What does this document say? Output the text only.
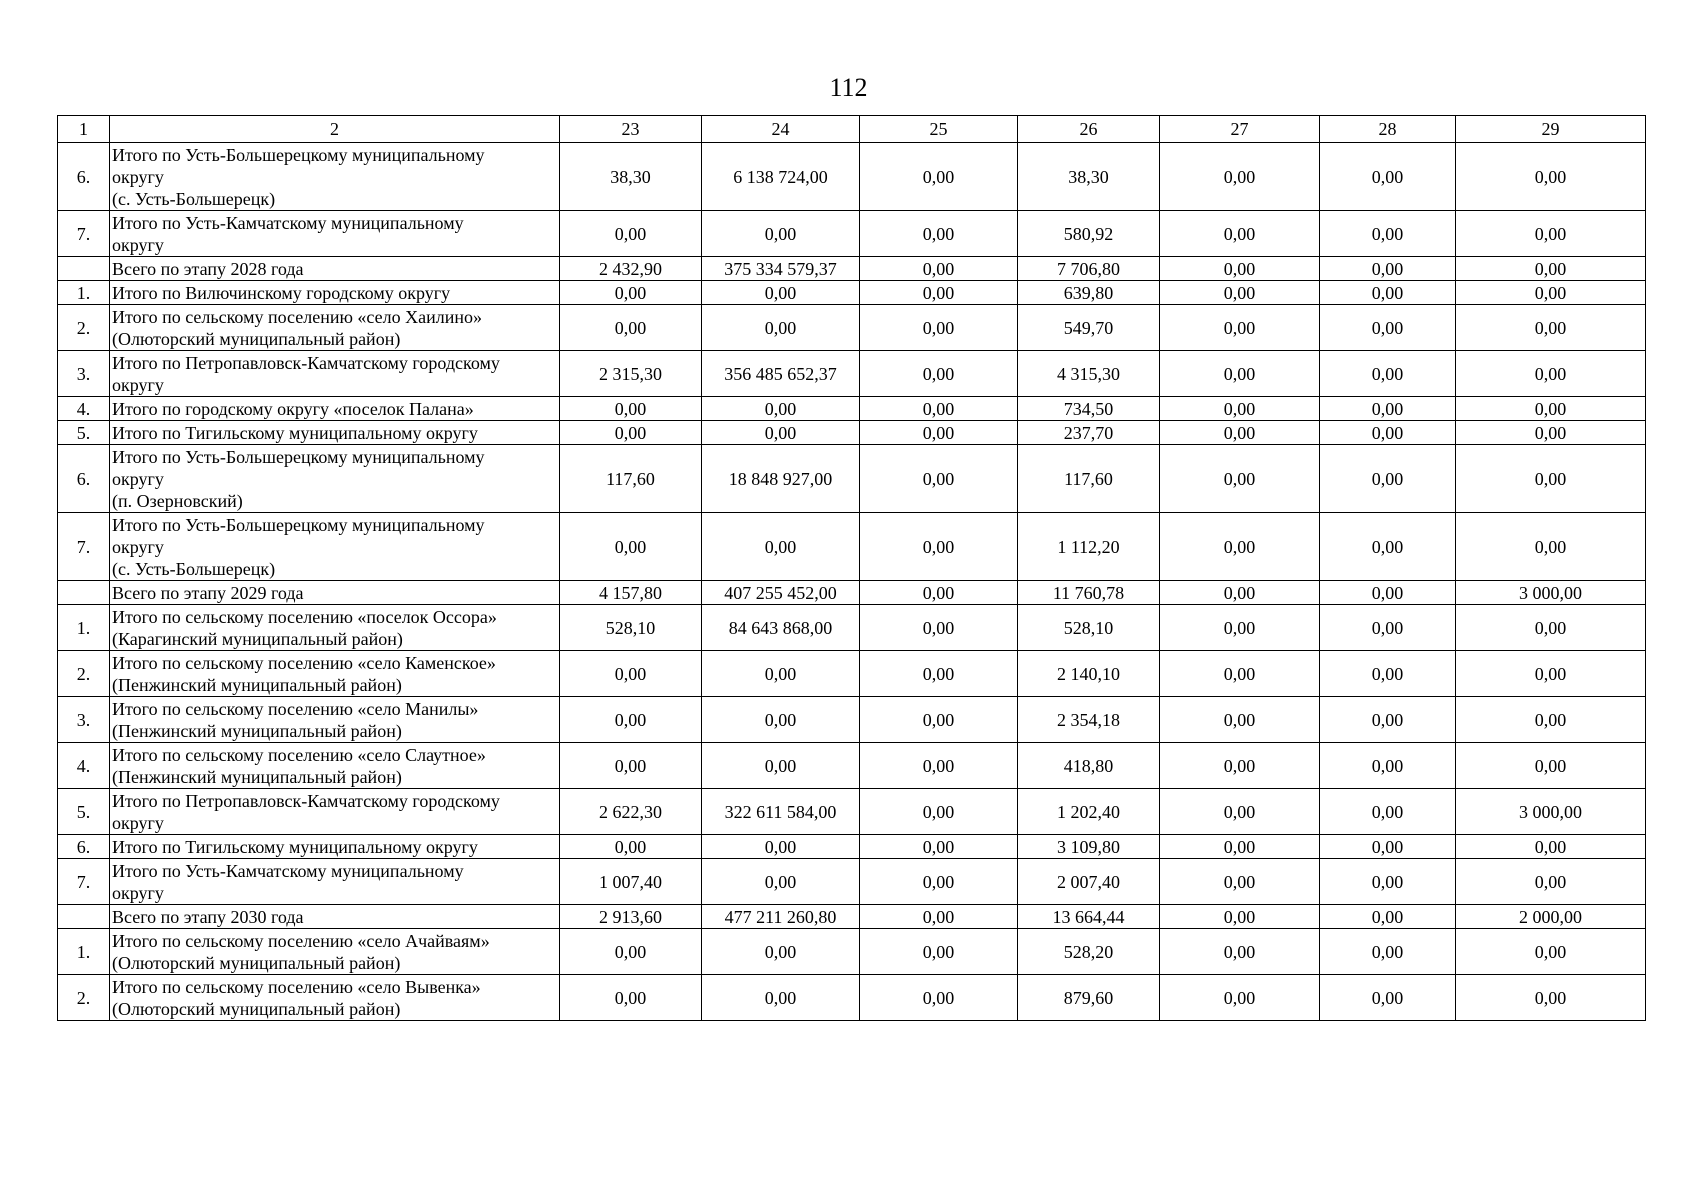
112
1	2	23	24	25	26	27	28	29
6.	Итого по Усть-Большерецкому муниципальному
округу
(с. Усть-Большерецк)	38,30	6 138 724,00	0,00	38,30	0,00	0,00	0,00
7.	Итого по Усть-Камчатскому муниципальному
округу	0,00	0,00	0,00	580,92	0,00	0,00	0,00
	Всего по этапу 2028 года	2 432,90	375 334 579,37	0,00	7 706,80	0,00	0,00	0,00
1.	Итого по Вилючинскому городскому округу	0,00	0,00	0,00	639,80	0,00	0,00	0,00
2.	Итого по сельскому поселению «село Хаилино»
(Олюторский муниципальный район)	0,00	0,00	0,00	549,70	0,00	0,00	0,00
3.	Итого по Петропавловск-Камчатскому городскому
округу	2 315,30	356 485 652,37	0,00	4 315,30	0,00	0,00	0,00
4.	Итого по городскому округу «поселок Палана»	0,00	0,00	0,00	734,50	0,00	0,00	0,00
5.	Итого по Тигильскому муниципальному округу	0,00	0,00	0,00	237,70	0,00	0,00	0,00
6.	Итого по Усть-Большерецкому муниципальному
округу
(п. Озерновский)	117,60	18 848 927,00	0,00	117,60	0,00	0,00	0,00
7.	Итого по Усть-Большерецкому муниципальному
округу
(с. Усть-Большерецк)	0,00	0,00	0,00	1 112,20	0,00	0,00	0,00
	Всего по этапу 2029 года	4 157,80	407 255 452,00	0,00	11 760,78	0,00	0,00	3 000,00
1.	Итого по сельскому поселению «поселок Оссора»
(Карагинский муниципальный район)	528,10	84 643 868,00	0,00	528,10	0,00	0,00	0,00
2.	Итого по сельскому поселению «село Каменское»
(Пенжинский муниципальный район)	0,00	0,00	0,00	2 140,10	0,00	0,00	0,00
3.	Итого по сельскому поселению «село Манилы»
(Пенжинский муниципальный район)	0,00	0,00	0,00	2 354,18	0,00	0,00	0,00
4.	Итого по сельскому поселению «село Слаутное»
(Пенжинский муниципальный район)	0,00	0,00	0,00	418,80	0,00	0,00	0,00
5.	Итого по Петропавловск-Камчатскому городскому
округу	2 622,30	322 611 584,00	0,00	1 202,40	0,00	0,00	3 000,00
6.	Итого по Тигильскому муниципальному округу	0,00	0,00	0,00	3 109,80	0,00	0,00	0,00
7.	Итого по Усть-Камчатскому муниципальному
округу	1 007,40	0,00	0,00	2 007,40	0,00	0,00	0,00
	Всего по этапу 2030 года	2 913,60	477 211 260,80	0,00	13 664,44	0,00	0,00	2 000,00
1.	Итого по сельскому поселению «село Ачайваям»
(Олюторский муниципальный район)	0,00	0,00	0,00	528,20	0,00	0,00	0,00
2.	Итого по сельскому поселению «село Вывенка»
(Олюторский муниципальный район)	0,00	0,00	0,00	879,60	0,00	0,00	0,00
